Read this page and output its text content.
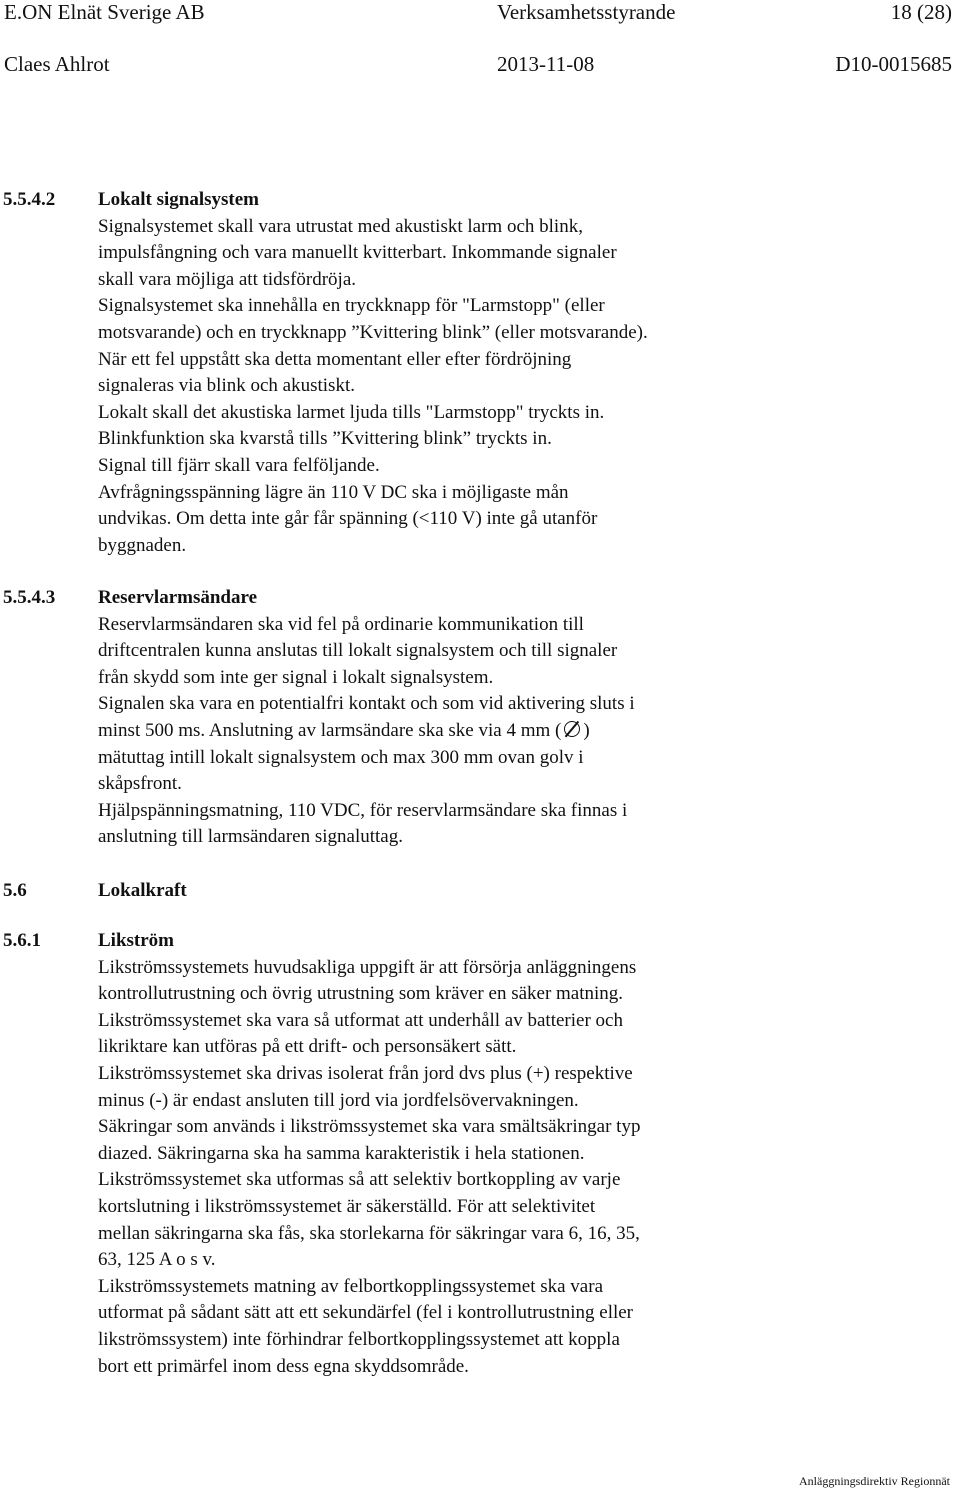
E.ON Elnät Sverige AB	Verksamhetsstyrande	18 (28)
Claes Ahlrot	2013-11-08	D10-0015685
5.5.4.2 Lokalt signalsystem
Signalsystemet skall vara utrustat med akustiskt larm och blink,
impulsfångning och vara manuellt kvitterbart. Inkommande signaler
skall vara möjliga att tidsfördröja.
Signalsystemet ska innehålla en tryckknapp för "Larmstopp" (eller
motsvarande) och en tryckknapp ”Kvittering blink” (eller motsvarande).
När ett fel uppstått ska detta momentant eller efter fördröjning
signaleras via blink och akustiskt.
Lokalt skall det akustiska larmet ljuda tills "Larmstopp" tryckts in.
Blinkfunktion ska kvarstå tills ”Kvittering blink” tryckts in.
Signal till fjärr skall vara felföljande.
Avfrågningsspänning lägre än 110 V DC ska i möjligaste mån
undvikas. Om detta inte går får spänning (<110 V) inte gå utanför
byggnaden.
5.5.4.3 Reservlarmsändare
Reservlarmsändaren ska vid fel på ordinarie kommunikation till
driftcentralen kunna anslutas till lokalt signalsystem och till signaler
från skydd som inte ger signal i lokalt signalsystem.
Signalen ska vara en potentialfri kontakt och som vid aktivering sluts i
minst 500 ms. Anslutning av larmsändare ska ske via 4 mm ( )
mätuttag intill lokalt signalsystem och max 300 mm ovan golv i
skåpsfront.
Hjälpspänningsmatning, 110 VDC, för reservlarmsändare ska finnas i
anslutning till larmsändaren signaluttag.
5.6	Lokalkraft
5.6.1	Likström
Likströmssystemets huvudsakliga uppgift är att försörja anläggningens
kontrollutrustning och övrig utrustning som kräver en säker matning.
Likströmssystemet ska vara så utformat att underhåll av batterier och
likriktare kan utföras på ett drift- och personsäkert sätt.
Likströmssystemet ska drivas isolerat från jord dvs plus (+) respektive
minus (-) är endast ansluten till jord via jordfelsövervakningen.
Säkringar som används i likströmssystemet ska vara smältsäkringar typ
diazed. Säkringarna ska ha samma karakteristik i hela stationen.
Likströmssystemet ska utformas så att selektiv bortkoppling av varje
kortslutning i likströmssystemet är säkerställd. För att selektivitet
mellan säkringarna ska fås, ska storlekarna för säkringar vara 6, 16, 35,
63, 125 A o s v.
Likströmssystemets matning av felbortkopplingssystemet ska vara
utformat på sådant sätt att ett sekundärfel (fel i kontrollutrustning eller
likströmssystem) inte förhindrar felbortkopplingssystemet att koppla
bort ett primärfel inom dess egna skyddsområde.
Anläggningsdirektiv Regionnät
